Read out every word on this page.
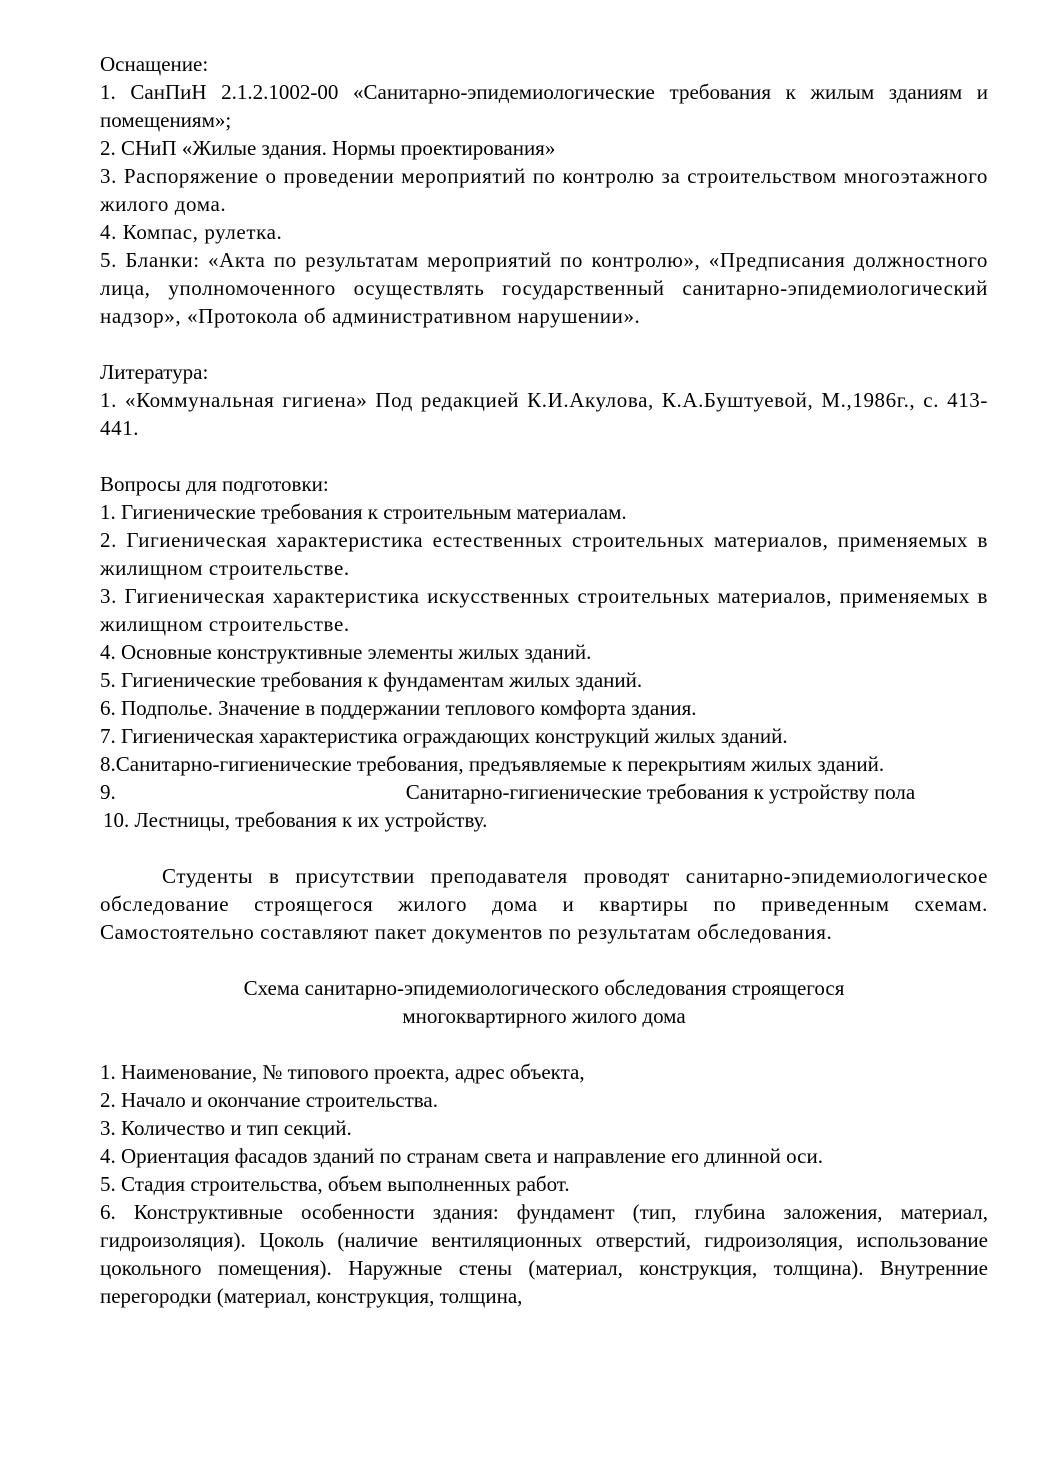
Оснащение:

1. СанПиН 2.1.2.1002-00 «Санитарно-эпидемиологические требования к жилым зданиям и помещениям»;

2. СНиП «Жилые здания. Нормы проектирования»

3. Распоряжение о проведении мероприятий по контролю за строительством многоэтажного жилого дома.

4. Компас, рулетка.

5. Бланки: «Акта по результатам мероприятий по контролю», «Предписания должностного лица, уполномоченного осуществлять государственный санитарно-эпидемиологический надзор», «Протокола об административном нарушении».

Литература:

1. «Коммунальная гигиена» Под редакцией К.И.Акулова, К.А.Буштуевой, М.,1986г., с. 413-441.

Вопросы для подготовки:

1. Гигиенические требования к строительным материалам.

2. Гигиеническая характеристика естественных строительных материалов, применяемых в жилищном строительстве.

3. Гигиеническая характеристика искусственных строительных материалов, применяемых в жилищном строительстве.

4. Основные конструктивные элементы жилых зданий.

5. Гигиенические требования к фундаментам жилых зданий.

6. Подполье. Значение в поддержании теплового комфорта здания.

7. Гигиеническая характеристика ограждающих конструкций жилых зданий.

8.Санитарно-гигиенические требования, предъявляемые к перекрытиям жилых зданий.

9.	Санитарно-гигиенические требования к устройству пола

10. Лестницы, требования к их устройству.

Студенты в присутствии преподавателя проводят санитарно-эпидемиологическое обследование строящегося жилого дома и квартиры по приведенным схемам. Самостоятельно составляют пакет документов по результатам обследования.

Схема санитарно-эпидемиологического обследования строящегося

многоквартирного жилого дома

1. Наименование, № типового проекта, адрес объекта,

2. Начало и окончание строительства.

3. Количество и тип секций.

4. Ориентация фасадов зданий по странам света и направление его длинной оси.

5. Стадия строительства, объем выполненных работ.

6. Конструктивные особенности здания: фундамент (тип, глубина заложения, материал, гидроизоляция). Цоколь (наличие вентиляционных отверстий, гидроизоляция, использование цокольного помещения). Наружные стены (материал, конструкция, толщина). Внутренние перегородки (материал, конструкция, толщина,
